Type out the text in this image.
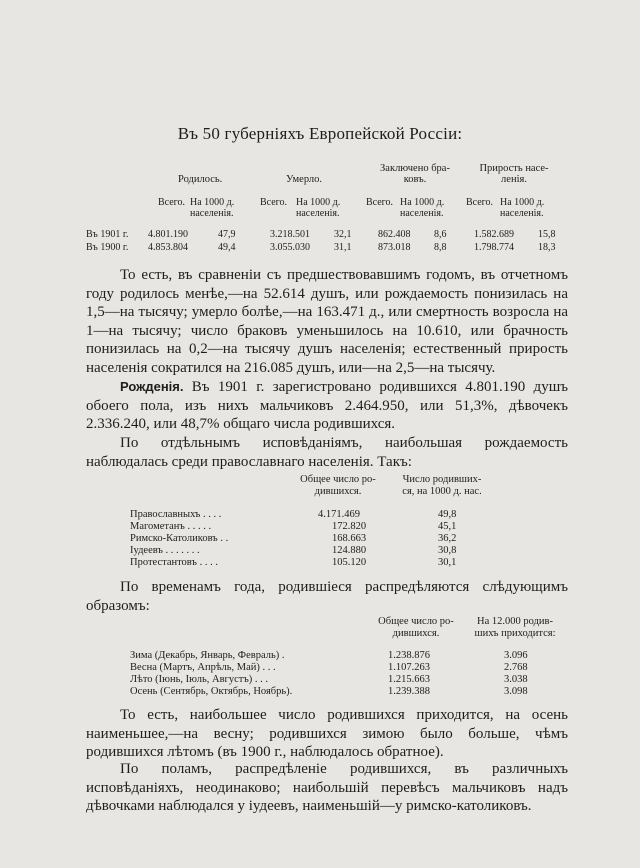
Въ 50 губерніяхъ Европейской Россіи:
Родилось.	Умерло.
Заключено бра-
ковъ.
Прирость насе-
ленія.
Всего. На 1000 д.
населенія.
Всего. На 1000 д.
населенія.
Всего. На 1000 д.
населенія.
Всего. На 1000 д.
населенія.
Въ 1901 г. 4.801.190	47,9	3.218.501 32,1	862.408 8,6	1.582.689 15,8
Въ 1900 г. 4.853.804	49,4	3.055.030 31,1	873.018 8,8	1.798.774 18,3

То есть, въ сравненіи съ предшествовавшимъ годомъ, въ отчетномъ году родилось менѣе,—на 52.614 душъ, или рождаемость понизилась на 1,5—на тысячу; умерло болѣе,—на 163.471 д., или смертность возросла на 1—на тысячу; число браковъ уменьшилось на 10.610, или брачность понизилась на 0,2—на тысячу душъ населенія; естественный прирость населенія сократился на 216.085 душъ, или—на 2,5—на тысячу.

Рожденія. Въ 1901 г. зарегистровано родившихся 4.801.190 душъ обоего пола, изъ нихъ мальчиковъ 2.464.950, или 51,3%, дѣвочекъ 2.336.240, или 48,7% общаго числа родившихся.

По отдѣльнымъ исповѣданіямъ, наибольшая рождаемость наблюдалась среди православнаго населенія. Такъ:

Общее число ро-
дившихся.
Число родивших-
ся, на 1000 д. нас.
Православныхъ . . . .	4.171.469	49,8
Магометанъ . . . . .	172.820	45,1
Римско-Католиковъ . .	168.663	36,2
Іудеевъ . . . . . . .	124.880	30,8
Протестантовъ . . . .	105.120	30,1

По временамъ года, родившіеся распредѣляются слѣдующимъ образомъ:

Общее число ро-
дившихся.
На 12.000 родив-
шихъ приходится:
Зима (Декабрь, Январь, Февраль) .	1.238.876	3.096
Весна (Мартъ, Апрѣль, Май) . . .	1.107.263	2.768
Лѣто (Іюнь, Іюль, Августъ) . . .	1.215.663	3.038
Осень (Сентябрь, Октябрь, Ноябрь).	1.239.388	3.098

То есть, наибольшее число родившихся приходится, на осень наименьшее,—на весну; родившихся зимою было больше, чѣмъ родившихся лѣтомъ (въ 1900 г., наблюдалось обратное).

По поламъ, распредѣленіе родившихся, въ различныхъ исповѣданіяхъ, неодинаково; наибольшій перевѣсъ мальчиковъ надъ дѣвочками наблюдался у іудеевъ, наименьшій—у римско-католиковъ.
